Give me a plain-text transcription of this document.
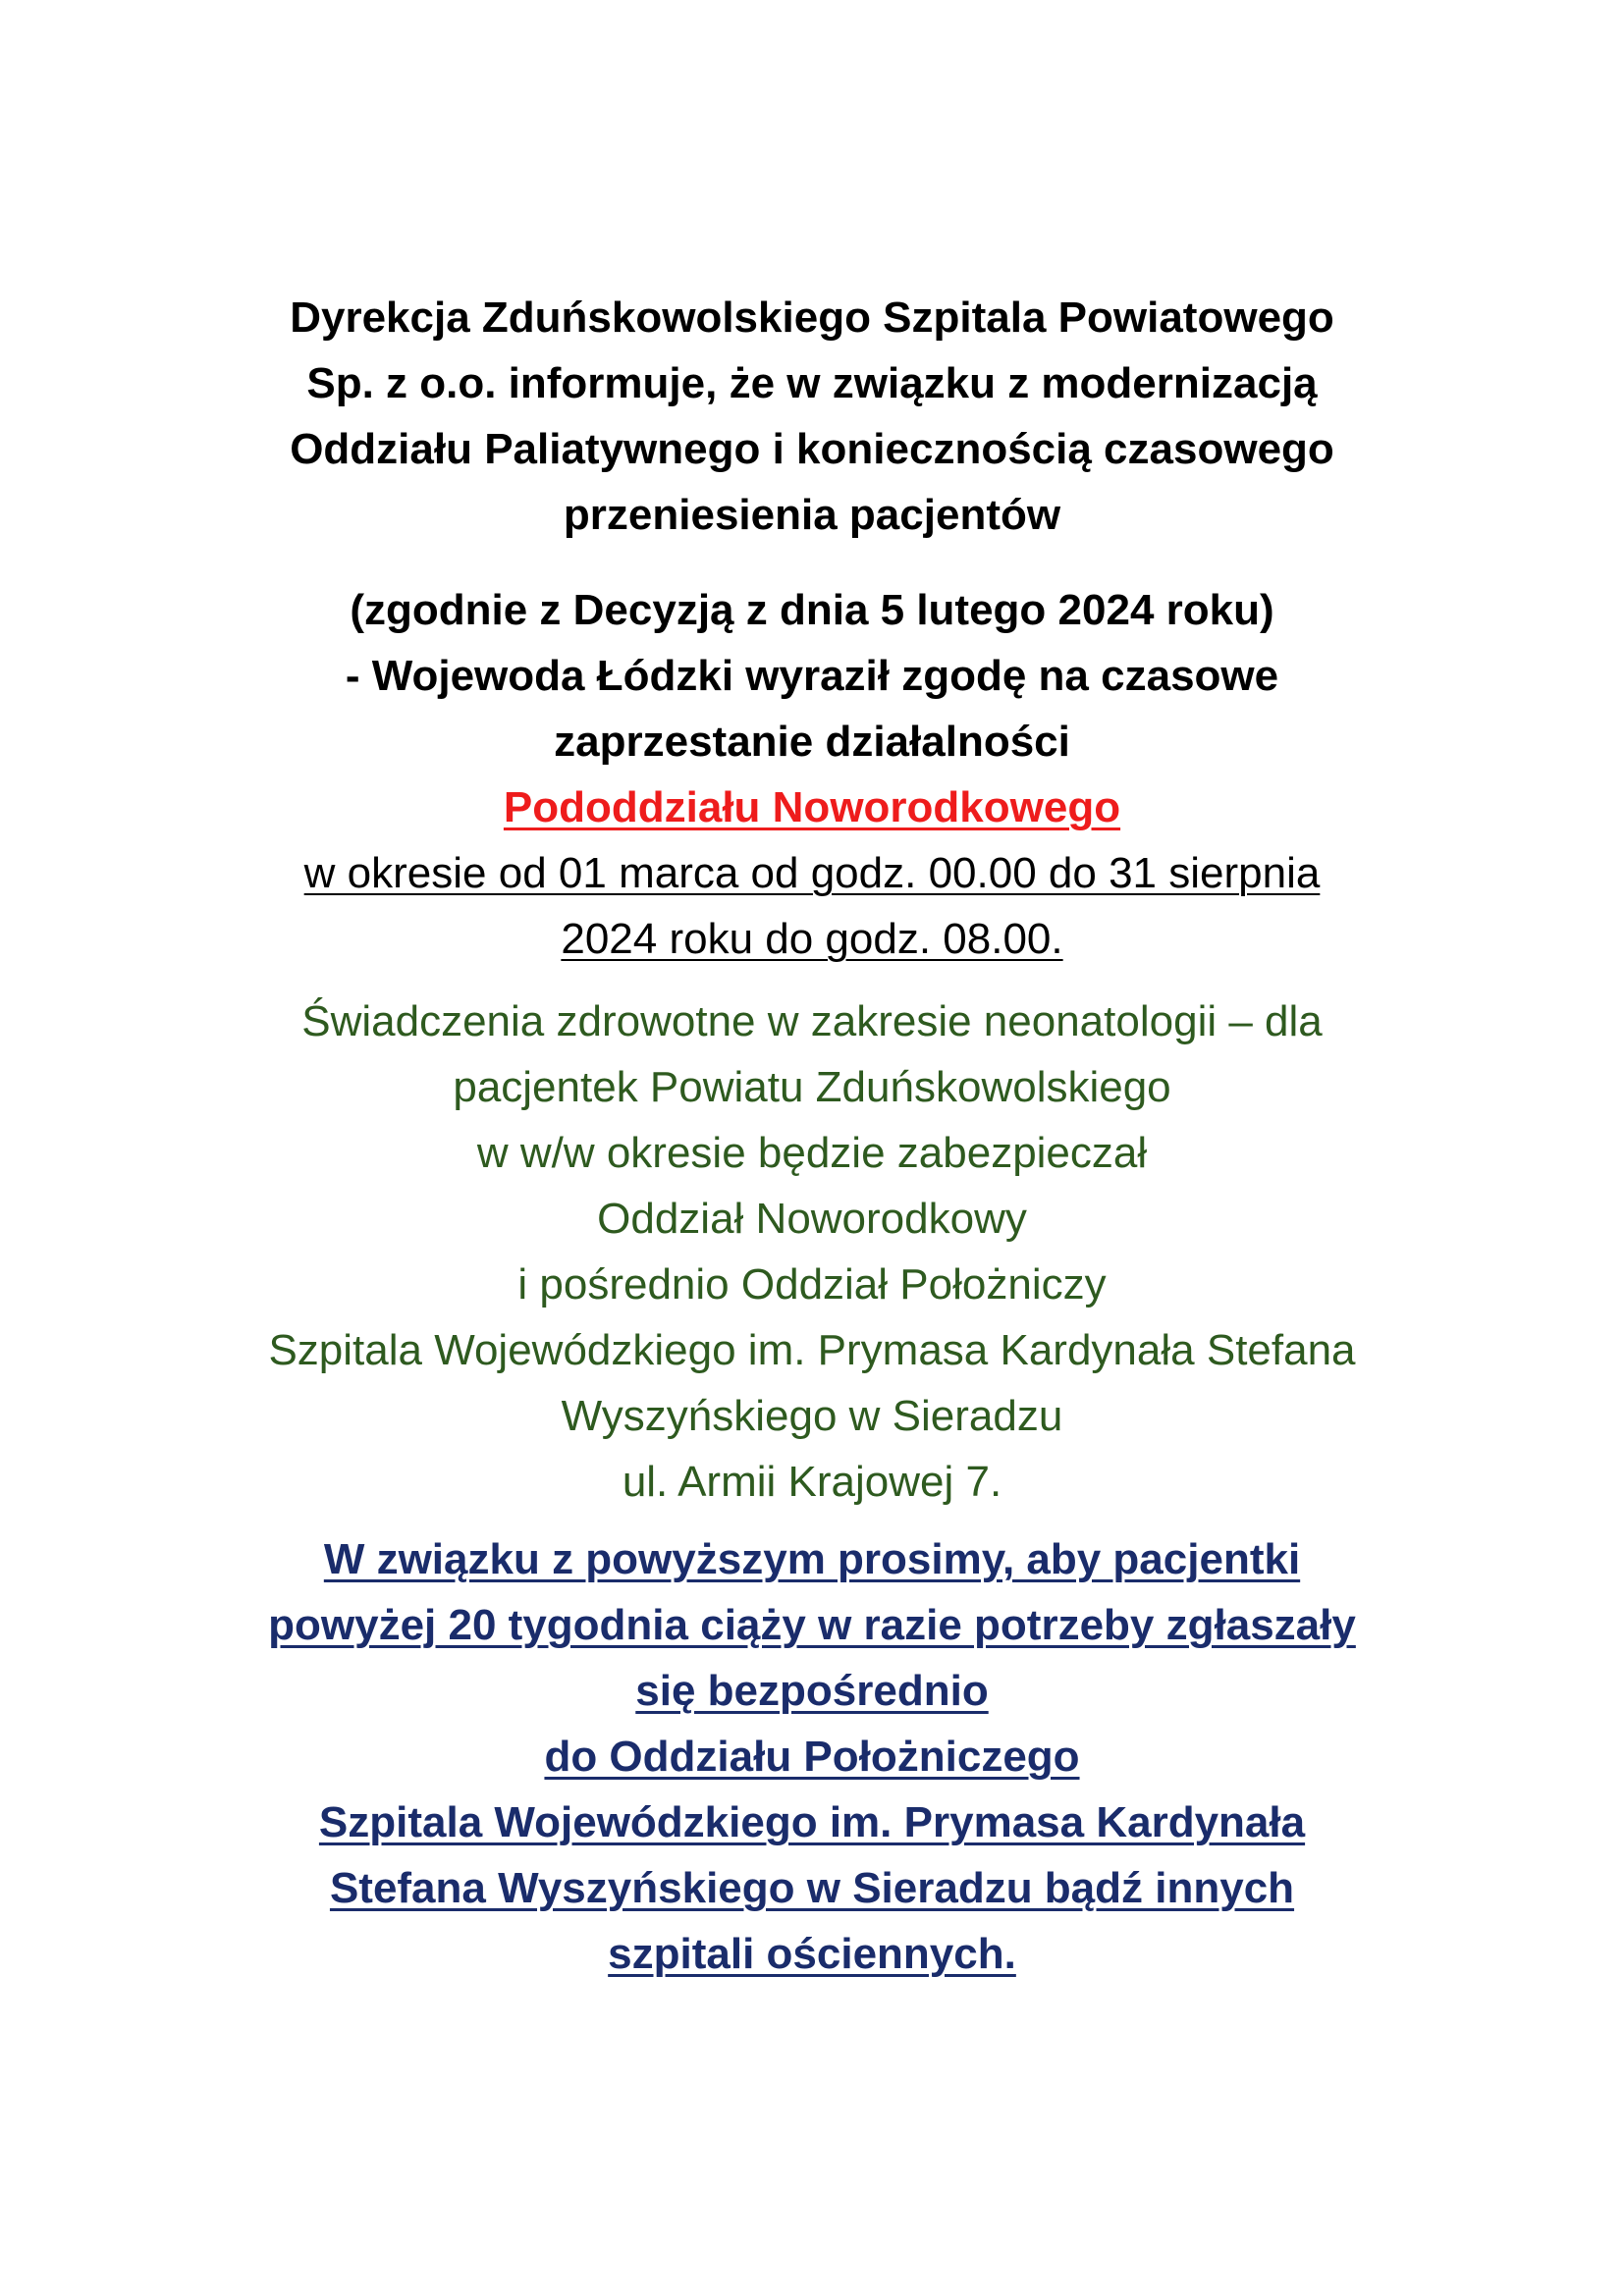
Dyrekcja Zduńskowolskiego Szpitala Powiatowego
Sp. z o.o. informuje, że w związku z modernizacją
Oddziału Paliatywnego i koniecznością czasowego
przeniesienia pacjentów
(zgodnie z Decyzją z dnia 5 lutego 2024 roku)
- Wojewoda Łódzki wyraził zgodę na czasowe
zaprzestanie działalności
Pododdziału Noworodkowego
w okresie od 01 marca od godz. 00.00 do 31 sierpnia
2024 roku do godz. 08.00.
Świadczenia zdrowotne w zakresie neonatologii – dla
pacjentek Powiatu Zduńskowolskiego
w w/w okresie będzie zabezpieczał
Oddział Noworodkowy
i pośrednio Oddział Położniczy
Szpitala Wojewódzkiego im. Prymasa Kardynała Stefana
Wyszyńskiego w Sieradzu
ul. Armii Krajowej 7.
W związku z powyższym prosimy, aby pacjentki
powyżej 20 tygodnia ciąży w razie potrzeby zgłaszały
się bezpośrednio
do Oddziału Położniczego
Szpitala Wojewódzkiego im. Prymasa Kardynała
Stefana Wyszyńskiego w Sieradzu bądź innych
szpitali ościennych.
